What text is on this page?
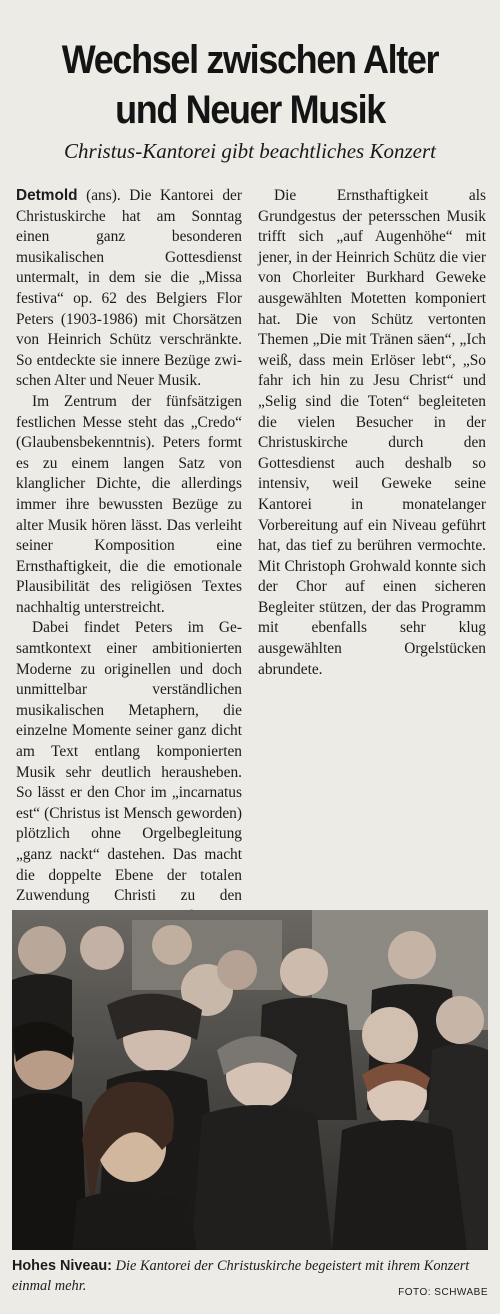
Wechsel zwischen Alter und Neuer Musik
Christus-Kantorei gibt beachtliches Konzert

Detmold (ans). Die Kantorei der Christuskirche hat am Sonntag einen ganz besonderen musikalischen Gottesdienst untermalt, in dem sie die „Missa festiva“ op. 62 des Belgiers Flor Peters (1903-1986) mit Chorsätzen von Heinrich Schütz verschränkte. So entdeckte sie innere Bezüge zwischen Alter und Neuer Musik.

Im Zentrum der fünfsätzigen festlichen Messe steht das „Credo“ (Glaubensbekenntnis). Peters formt es zu einem langen Satz von klanglicher Dichte, die allerdings immer ihre bewussten Bezüge zu alter Musik hören lässt. Das verleiht seiner Komposition eine Ernsthaftigkeit, die die emotionale Plausibilität des religiösen Textes nachhaltig unterstreicht.

Dabei findet Peters im Gesamtkontext einer ambitionierten Moderne zu originellen und doch unmittelbar verständlichen musikalischen Metaphern, die einzelne Momente seiner ganz dicht am Text entlang komponierten Musik sehr deutlich herausheben. So lässt er den Chor im „incarnatus est“ (Christus ist Mensch geworden) plötzlich ohne Orgelbegleitung „ganz nackt“ dastehen. Das macht die doppelte Ebene der totalen Zuwendung Christi zu den

Die Ernsthaftigkeit als Grundgestus der petersschen Musik trifft sich „auf Augenhöhe“ mit jener, in der Heinrich Schütz die vier von Chorleiter Burkhard Geweke ausgewählten Motetten komponiert hat. Die von Schütz vertonten Themen „Die mit Tränen säen“, „Ich weiß, dass mein Erlöser lebt“, „So fahr ich hin zu Jesu Christ“ und „Selig sind die Toten“ begleiteten die vielen Besucher in der Christuskirche durch den Gottesdienst auch deshalb so intensiv, weil Geweke seine Kantorei in monatelanger Vorbereitung auf ein Niveau geführt hat, das tief zu berühren vermochte. Mit Christoph Grohwald konnte sich der Chor auf einen sicheren Begleiter stützen, der das Programm mit ebenfalls sehr klug ausgewählten Orgelstücken abrundete.

Hohes Niveau: Die Kantorei der Christuskirche begeistert mit ihrem Konzert einmal mehr.	FOTO: SCHWABE
